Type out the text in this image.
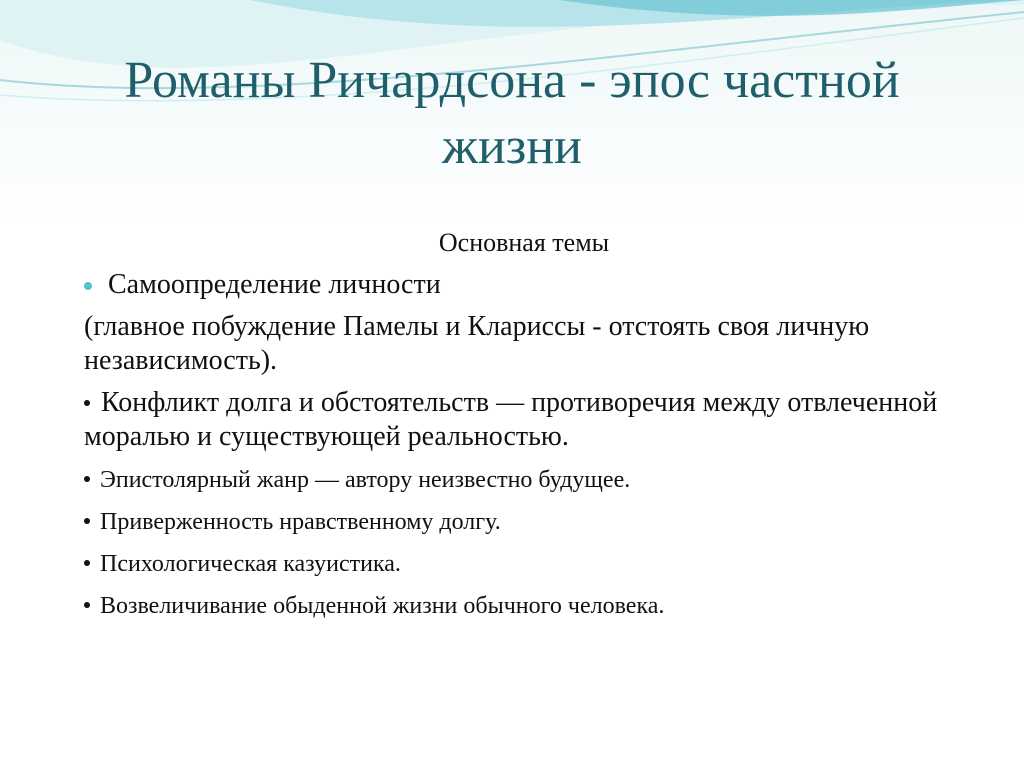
Романы Ричардсона - эпос частной жизни
Основная темы
Самоопределение личности
(главное побуждение Памелы и Клариссы - отстоять своя личную независимость).
Конфликт долга и обстоятельств — противоречия между отвлеченной моралью и существующей реальностью.
Эпистолярный жанр — автору неизвестно будущее.
Приверженность нравственному долгу.
Психологическая казуистика.
Возвеличивание обыденной жизни обычного человека.
